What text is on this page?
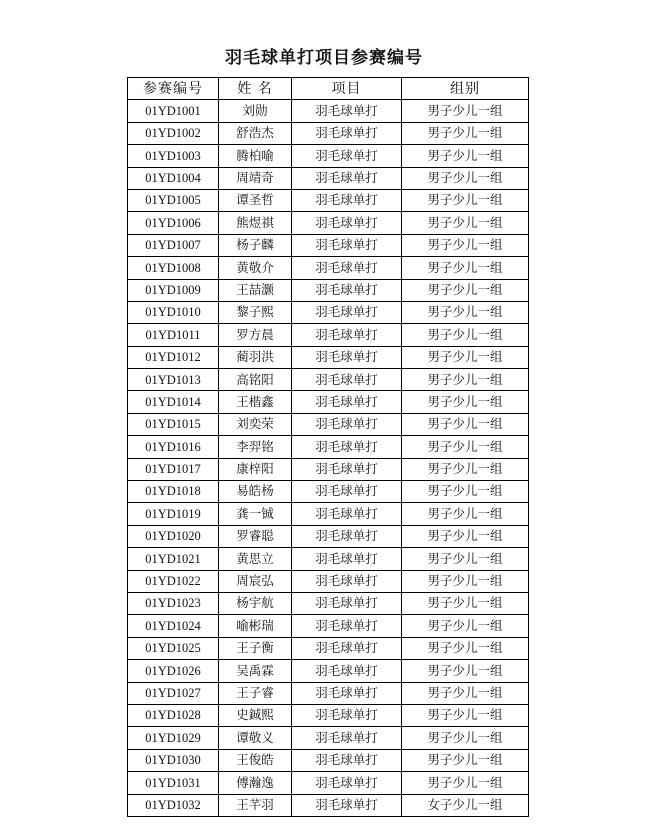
羽毛球单打项目参赛编号
参赛编号	姓 名	项目	组别
01YD1001	刘勋	羽毛球单打	男子少儿一组
01YD1002	舒浩杰	羽毛球单打	男子少儿一组
01YD1003	腾柏喻	羽毛球单打	男子少儿一组
01YD1004	周靖奇	羽毛球单打	男子少儿一组
01YD1005	谭圣哲	羽毛球单打	男子少儿一组
01YD1006	熊煜祺	羽毛球单打	男子少儿一组
01YD1007	杨子麟	羽毛球单打	男子少儿一组
01YD1008	黄敬介	羽毛球单打	男子少儿一组
01YD1009	王喆灏	羽毛球单打	男子少儿一组
01YD1010	黎子熙	羽毛球单打	男子少儿一组
01YD1011	罗方晨	羽毛球单打	男子少儿一组
01YD1012	蔺羽洪	羽毛球单打	男子少儿一组
01YD1013	高铭阳	羽毛球单打	男子少儿一组
01YD1014	王楷鑫	羽毛球单打	男子少儿一组
01YD1015	刘奕荣	羽毛球单打	男子少儿一组
01YD1016	李羿铭	羽毛球单打	男子少儿一组
01YD1017	康梓阳	羽毛球单打	男子少儿一组
01YD1018	易皓杨	羽毛球单打	男子少儿一组
01YD1019	龚一铖	羽毛球单打	男子少儿一组
01YD1020	罗睿聪	羽毛球单打	男子少儿一组
01YD1021	黄思立	羽毛球单打	男子少儿一组
01YD1022	周宸弘	羽毛球单打	男子少儿一组
01YD1023	杨宇航	羽毛球单打	男子少儿一组
01YD1024	喻彬瑞	羽毛球单打	男子少儿一组
01YD1025	王子衡	羽毛球单打	男子少儿一组
01YD1026	吴禹霖	羽毛球单打	男子少儿一组
01YD1027	王子睿	羽毛球单打	男子少儿一组
01YD1028	史鋮熙	羽毛球单打	男子少儿一组
01YD1029	谭敬义	羽毛球单打	男子少儿一组
01YD1030	王俊皓	羽毛球单打	男子少儿一组
01YD1031	傅瀚逸	羽毛球单打	男子少儿一组
01YD1032	王芊羽	羽毛球单打	女子少儿一组
